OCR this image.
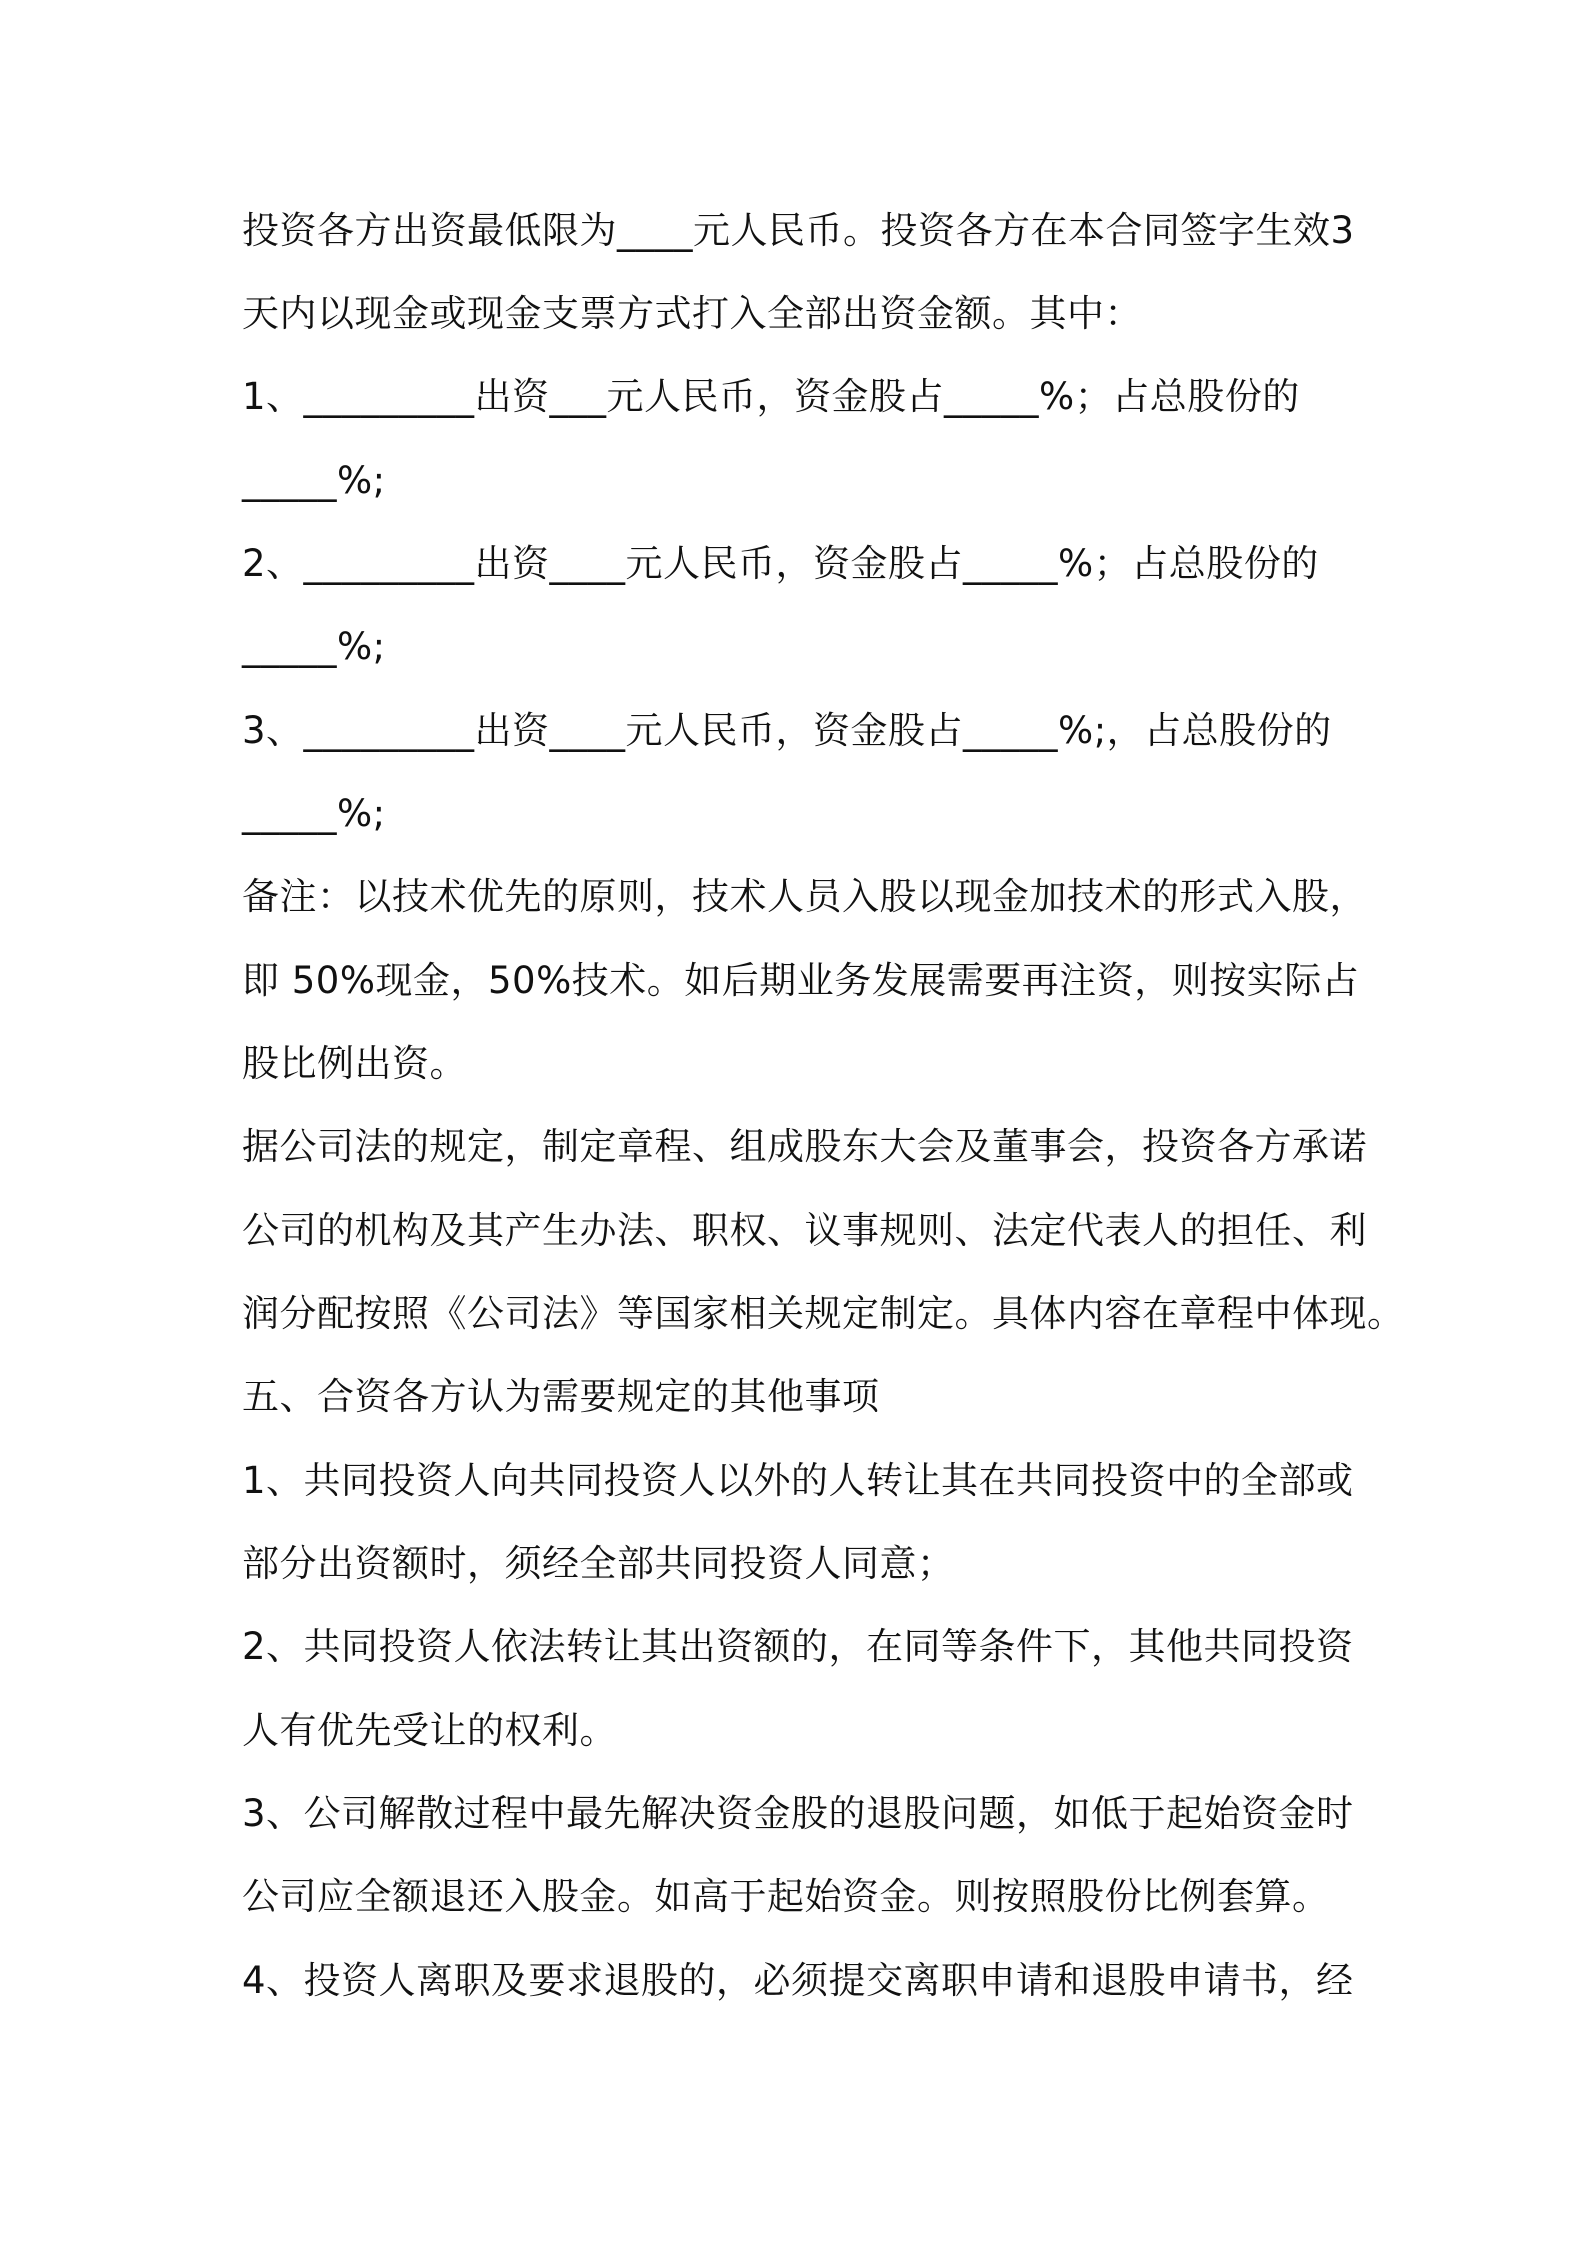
投资各方出资最低限为____元人民币。投资各方在本合同签字生效3
天内以现金或现金支票方式打入全部出资金额。其中：
1、_________出资___元人民币，资金股占_____%；占总股份的
_____%;
2、_________出资____元人民币，资金股占_____%；占总股份的
_____%;
3、_________出资____元人民币，资金股占_____%;，占总股份的
_____%;
备注：以技术优先的原则，技术人员入股以现金加技术的形式入股，
即 50%现金，50%技术。如后期业务发展需要再注资，则按实际占
股比例出资。
据公司法的规定，制定章程、组成股东大会及董事会，投资各方承诺
公司的机构及其产生办法、职权、议事规则、法定代表人的担任、利
润分配按照《公司法》等国家相关规定制定。具体内容在章程中体现。
五、合资各方认为需要规定的其他事项
1、共同投资人向共同投资人以外的人转让其在共同投资中的全部或
部分出资额时，须经全部共同投资人同意；
2、共同投资人依法转让其出资额的，在同等条件下，其他共同投资
人有优先受让的权利。
3、公司解散过程中最先解决资金股的退股问题，如低于起始资金时
公司应全额退还入股金。如高于起始资金。则按照股份比例套算。
4、投资人离职及要求退股的，必须提交离职申请和退股申请书，经
